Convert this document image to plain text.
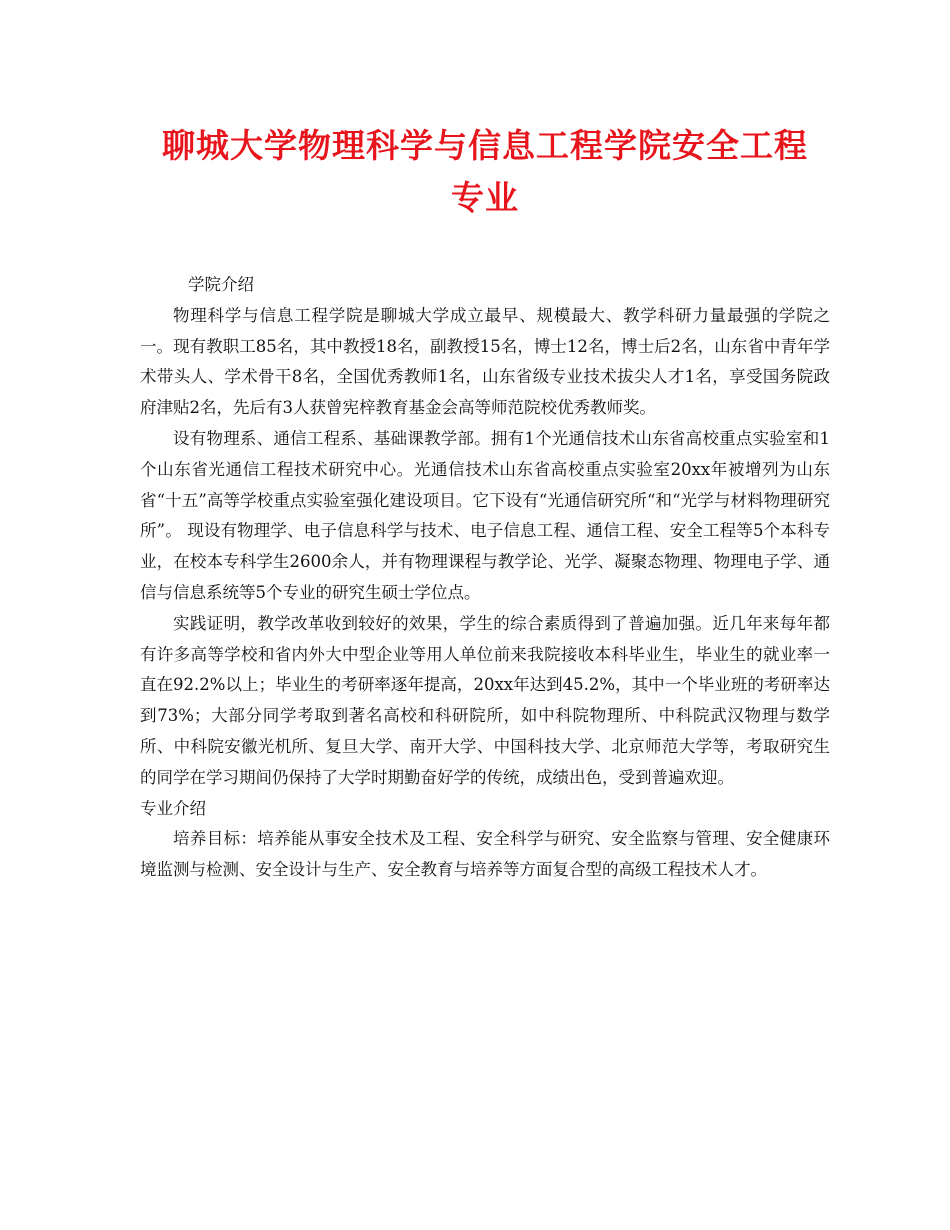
聊城大学物理科学与信息工程学院安全工程
专业

学院介绍

物理科学与信息工程学院是聊城大学成立最早、规模最大、教学科研力量最强的学院之一。现有教职工85名，其中教授18名，副教授15名，博士12名，博士后2名，山东省中青年学术带头人、学术骨干8名，全国优秀教师1名，山东省级专业技术拔尖人才1名，享受国务院政府津贴2名，先后有3人获曾宪梓教育基金会高等师范院校优秀教师奖。

设有物理系、通信工程系、基础课教学部。拥有1个光通信技术山东省高校重点实验室和1个山东省光通信工程技术研究中心。光通信技术山东省高校重点实验室20xx年被增列为山东省“十五”高等学校重点实验室强化建设项目。它下设有“光通信研究所“和“光学与材料物理研究所”。 现设有物理学、电子信息科学与技术、电子信息工程、通信工程、安全工程等5个本科专业，在校本专科学生2600余人，并有物理课程与教学论、光学、凝聚态物理、物理电子学、通信与信息系统等5个专业的研究生硕士学位点。

实践证明，教学改革收到较好的效果，学生的综合素质得到了普遍加强。近几年来每年都有许多高等学校和省内外大中型企业等用人单位前来我院接收本科毕业生，毕业生的就业率一直在92.2%以上；毕业生的考研率逐年提高，20xx年达到45.2%，其中一个毕业班的考研率达到73%；大部分同学考取到著名高校和科研院所，如中科院物理所、中科院武汉物理与数学所、中科院安徽光机所、复旦大学、南开大学、中国科技大学、北京师范大学等，考取研究生的同学在学习期间仍保持了大学时期勤奋好学的传统，成绩出色，受到普遍欢迎。

专业介绍

培养目标：培养能从事安全技术及工程、安全科学与研究、安全监察与管理、安全健康环境监测与检测、安全设计与生产、安全教育与培养等方面复合型的高级工程技术人才。
